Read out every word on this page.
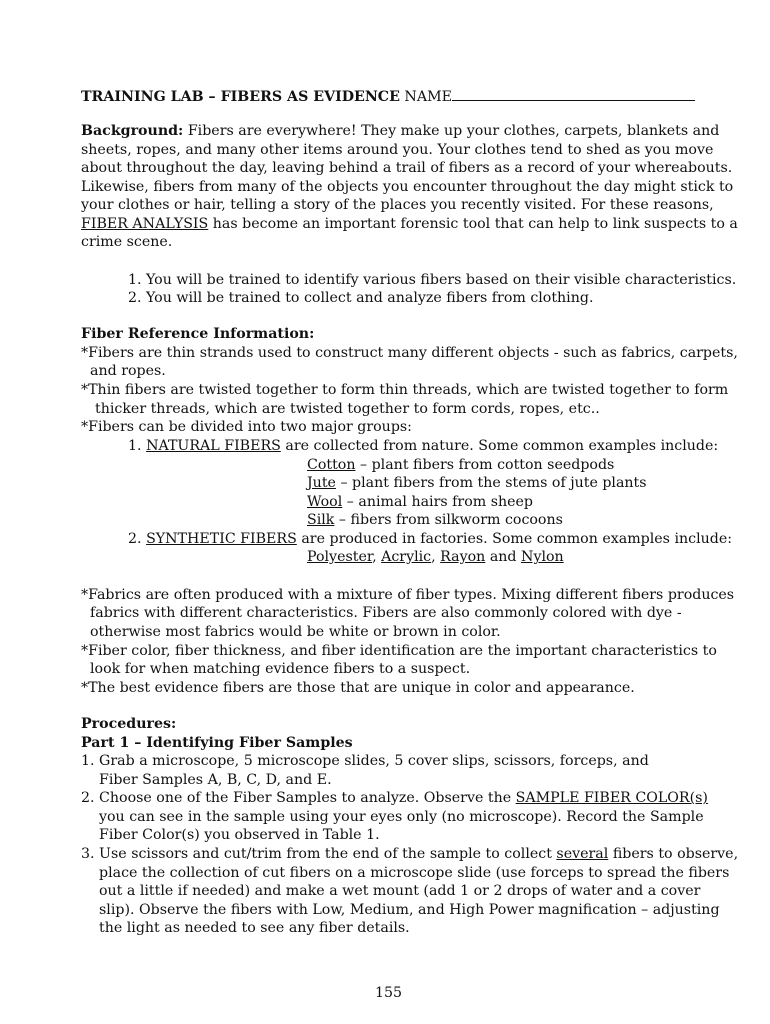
TRAINING LAB – FIBERS AS EVIDENCE NAME
Background: Fibers are everywhere! They make up your clothes, carpets, blankets and
sheets, ropes, and many other items around you. Your clothes tend to shed as you move
about throughout the day, leaving behind a trail of fibers as a record of your whereabouts.
Likewise, fibers from many of the objects you encounter throughout the day might stick to
your clothes or hair, telling a story of the places you recently visited. For these reasons,
FIBER ANALYSIS has become an important forensic tool that can help to link suspects to a
crime scene.
1. You will be trained to identify various fibers based on their visible characteristics.
2. You will be trained to collect and analyze fibers from clothing.
Fiber Reference Information:
*Fibers are thin strands used to construct many different objects - such as fabrics, carpets,
and ropes.
*Thin fibers are twisted together to form thin threads, which are twisted together to form
thicker threads, which are twisted together to form cords, ropes, etc..
*Fibers can be divided into two major groups:
1. NATURAL FIBERS are collected from nature. Some common examples include:
Cotton – plant fibers from cotton seedpods
Jute – plant fibers from the stems of jute plants
Wool – animal hairs from sheep
Silk – fibers from silkworm cocoons
2. SYNTHETIC FIBERS are produced in factories. Some common examples include:
Polyester, Acrylic, Rayon and Nylon
*Fabrics are often produced with a mixture of fiber types. Mixing different fibers produces
fabrics with different characteristics. Fibers are also commonly colored with dye -
otherwise most fabrics would be white or brown in color.
*Fiber color, fiber thickness, and fiber identification are the important characteristics to
look for when matching evidence fibers to a suspect.
*The best evidence fibers are those that are unique in color and appearance.
Procedures:
Part 1 – Identifying Fiber Samples
1. Grab a microscope, 5 microscope slides, 5 cover slips, scissors, forceps, and
Fiber Samples A, B, C, D, and E.
2. Choose one of the Fiber Samples to analyze. Observe the SAMPLE FIBER COLOR(s)
you can see in the sample using your eyes only (no microscope). Record the Sample
Fiber Color(s) you observed in Table 1.
3. Use scissors and cut/trim from the end of the sample to collect several fibers to observe,
place the collection of cut fibers on a microscope slide (use forceps to spread the fibers
out a little if needed) and make a wet mount (add 1 or 2 drops of water and a cover
slip). Observe the fibers with Low, Medium, and High Power magnification – adjusting
the light as needed to see any fiber details.
155
